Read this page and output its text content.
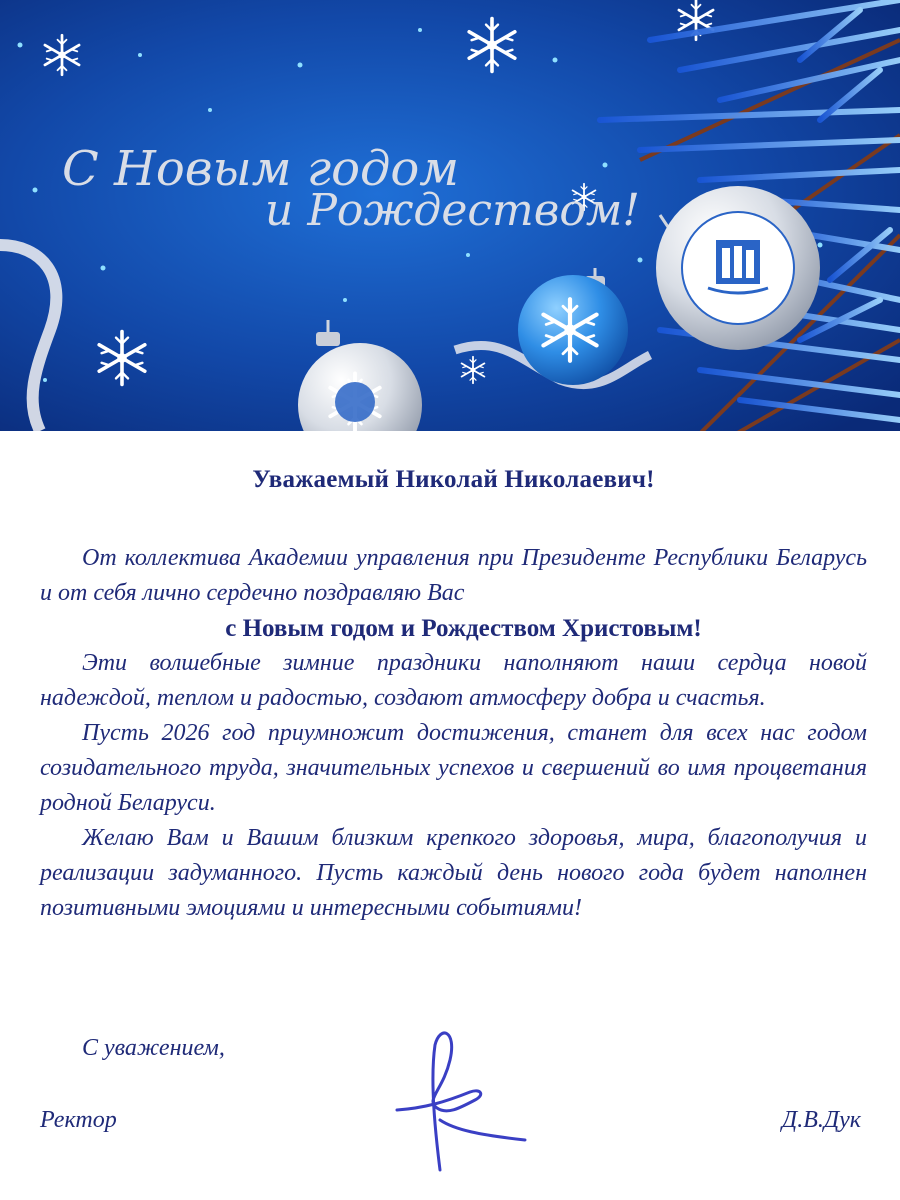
С Новым годом
и Рождеством!
Уважаемый Николай Николаевич!

От коллектива Академии управления при Президенте Республики Беларусь и от себя лично сердечно поздравляю Вас

с Новым годом и Рождеством Христовым!

Эти волшебные зимние праздники наполняют наши сердца новой надеждой, теплом и радостью, создают атмосферу добра и счастья.

Пусть 2026 год приумножит достижения, станет для всех нас годом созидательного труда, значительных успехов и свершений во имя процветания родной Беларуси.

Желаю Вам и Вашим близким крепкого здоровья, мира, благополучия и реализации задуманного. Пусть каждый день нового года будет наполнен позитивными эмоциями и интересными событиями!

С уважением,
Ректор	Д.В.Дук
